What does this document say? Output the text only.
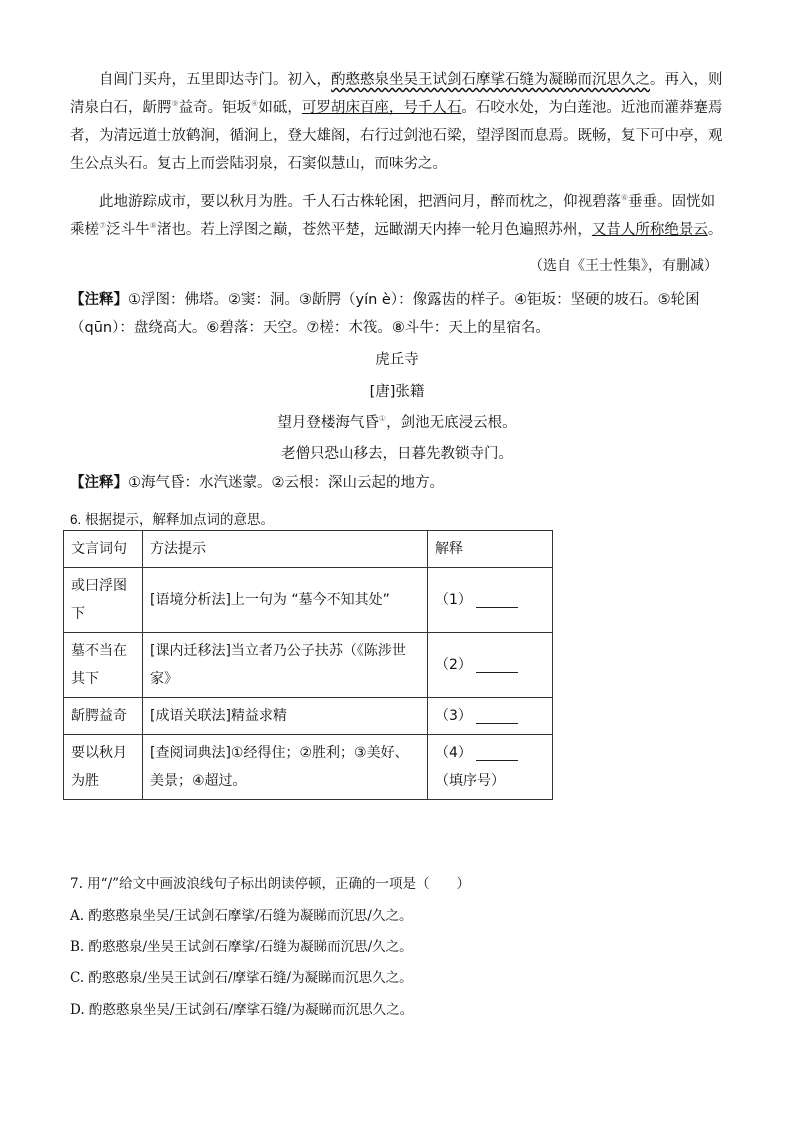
自阊门买舟，五里即达寺门。初入，酌憨憨泉坐吴王试剑石摩挲石缝为凝睇而沉思久之。再入，则清泉白石，龂腭⑨益奇。钜坂④如砥，可罗胡床百座，号千人石。石咬水处，为白莲池。近池而灌莽蹇焉者，为清远道士放鹤涧，循涧上，登大雄阁，右行过剑池石梁，望浮图而息焉。既畅，复下可中亭，观生公点头石。复古上而尝陆羽泉，石窦似慧山，而味劣之。

此地游踪成市，要以秋月为胜。千人石古株轮囷，把酒问月，醉而枕之，仰视碧落⑥垂垂。固恍如乘槎⑦泛斗牛⑧渚也。若上浮图之巅，苍然平楚，远瞰湖天内捧一轮月色遍照苏州，又昔人所称绝景云。

（选自《王士性集》，有删减）

【注释】①浮图：佛塔。②窦：洞。③龂腭（yín è）：像露齿的样子。④钜坂：坚硬的坡石。⑤轮囷（qūn）：盘绕高大。⑥碧落：天空。⑦槎：木筏。⑧斗牛：天上的星宿名。

虎丘寺
[唐]张籍
望月登楼海气昏①，剑池无底浸云根。
老僧只恐山移去，日暮先教锁寺门。

【注释】①海气昏：水汽迷蒙。②云根：深山云起的地方。

6. 根据提示，解释加点词的意思。
文言词句	方法提示	解释
或曰浮图下	[语境分析法]上一句为 “墓今不知其处”	（1）
墓不当在其下	[课内迁移法]当立者乃公子扶苏（《陈涉世家》	（2）
龂腭益奇	[成语关联法]精益求精	（3）
要以秋月为胜	[查阅词典法]①经得住；②胜利；③美好、美景；④超过。	（4）（填序号）
7. 用“/”给文中画波浪线句子标出朗读停顿，正确的一项是（　　）
A. 酌憨憨泉坐吴/王试剑石摩挲/石缝为凝睇而沉思/久之。
B. 酌憨憨泉/坐吴王试剑石摩挲/石缝为凝睇而沉思/久之。
C. 酌憨憨泉/坐吴王试剑石/摩挲石缝/为凝睇而沉思久之。
D. 酌憨憨泉坐吴/王试剑石/摩挲石缝/为凝睇而沉思久之。
